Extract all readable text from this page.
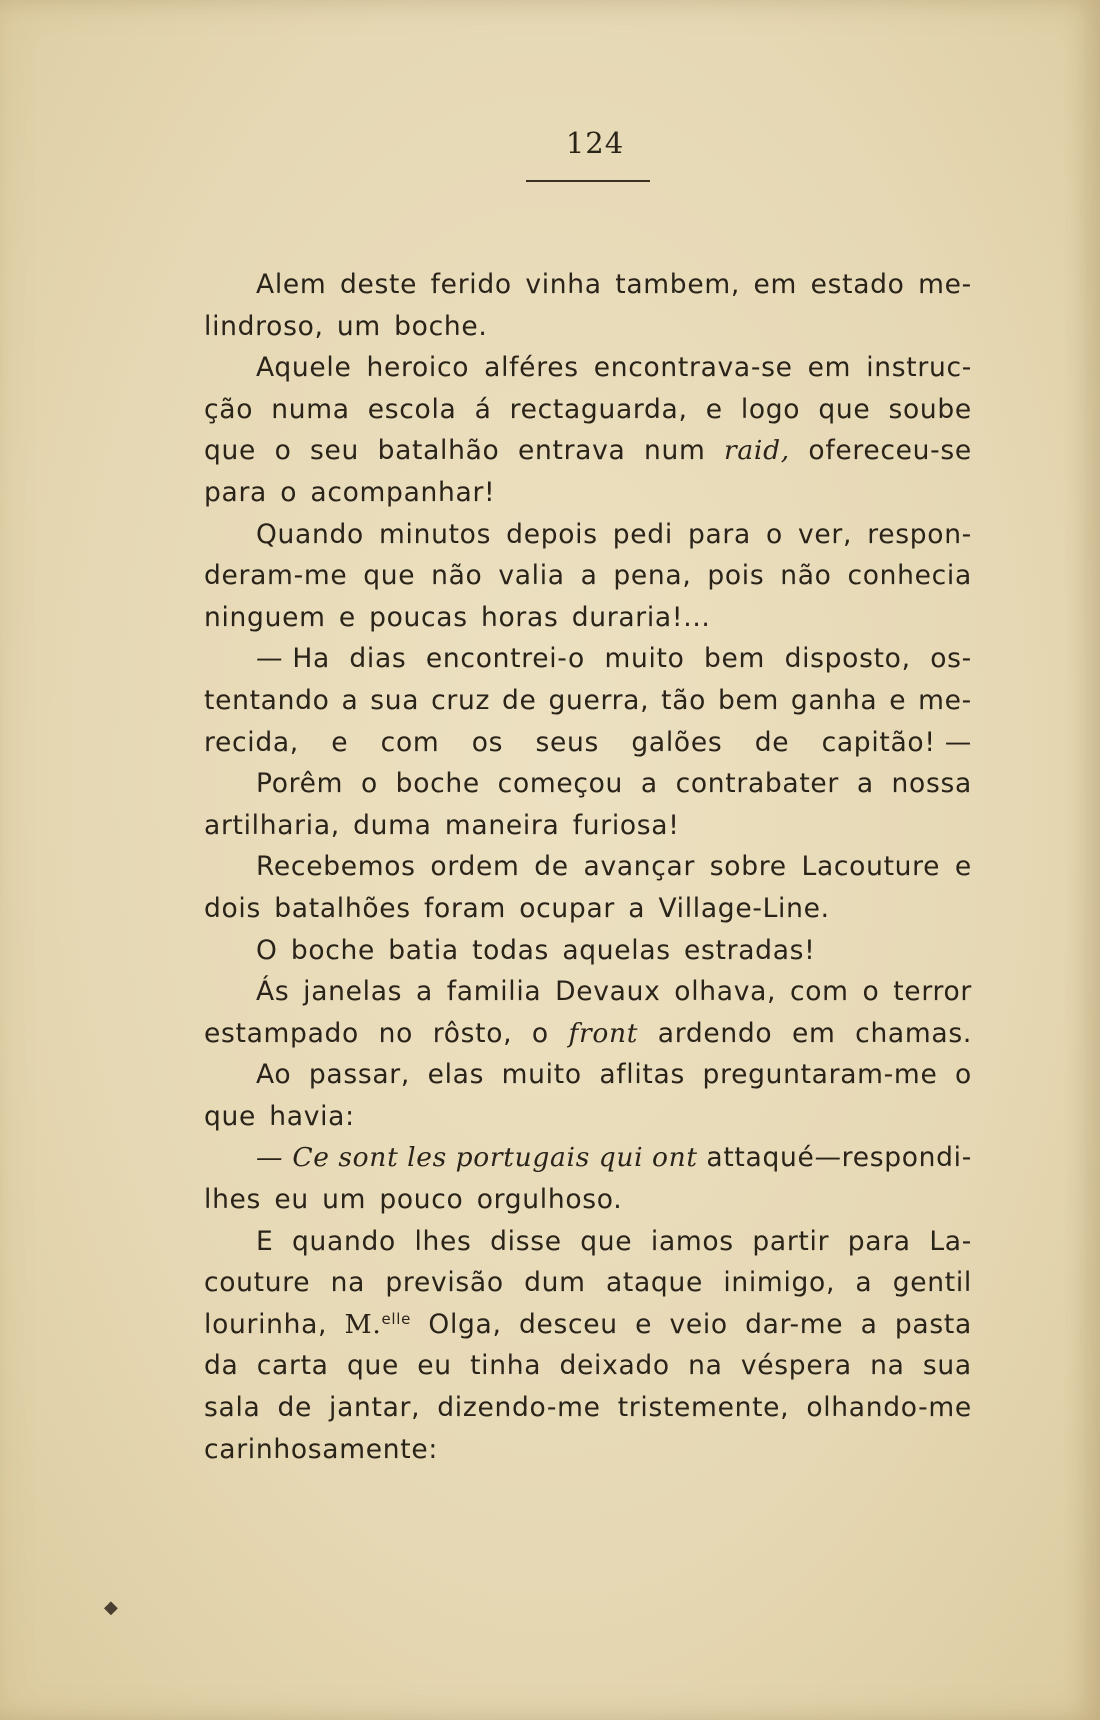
124
Alem deste ferido vinha tambem, em estado me-
lindroso, um boche.
Aquele heroico alféres encontrava-se em instruc-
ção numa escola á rectaguarda, e logo que soube
que o seu batalhão entrava num raid, ofereceu-se
para o acompanhar!
Quando minutos depois pedi para o ver, respon-
deram-me que não valia a pena, pois não conhecia
ninguem e poucas horas duraria!...
— Ha dias encontrei-o muito bem disposto, os-
tentando a sua cruz de guerra, tão bem ganha e me-
recida, e com os seus galões de capitão! —
Porêm o boche começou a contrabater a nossa
artilharia, duma maneira furiosa!
Recebemos ordem de avançar sobre Lacouture e
dois batalhões foram ocupar a Village-Line.
O boche batia todas aquelas estradas!
Ás janelas a familia Devaux olhava, com o terror
estampado no rôsto, o front ardendo em chamas.
Ao passar, elas muito aflitas preguntaram-me o
que havia:
— Ce sont les portugais qui ont attaqué—respondi-
lhes eu um pouco orgulhoso.
E quando lhes disse que iamos partir para La-
couture na previsão dum ataque inimigo, a gentil
lourinha, M.$^{elle}$ Olga, desceu e veio dar-me a pasta
da carta que eu tinha deixado na véspera na sua
sala de jantar, dizendo-me tristemente, olhando-me
carinhosamente:
◆
